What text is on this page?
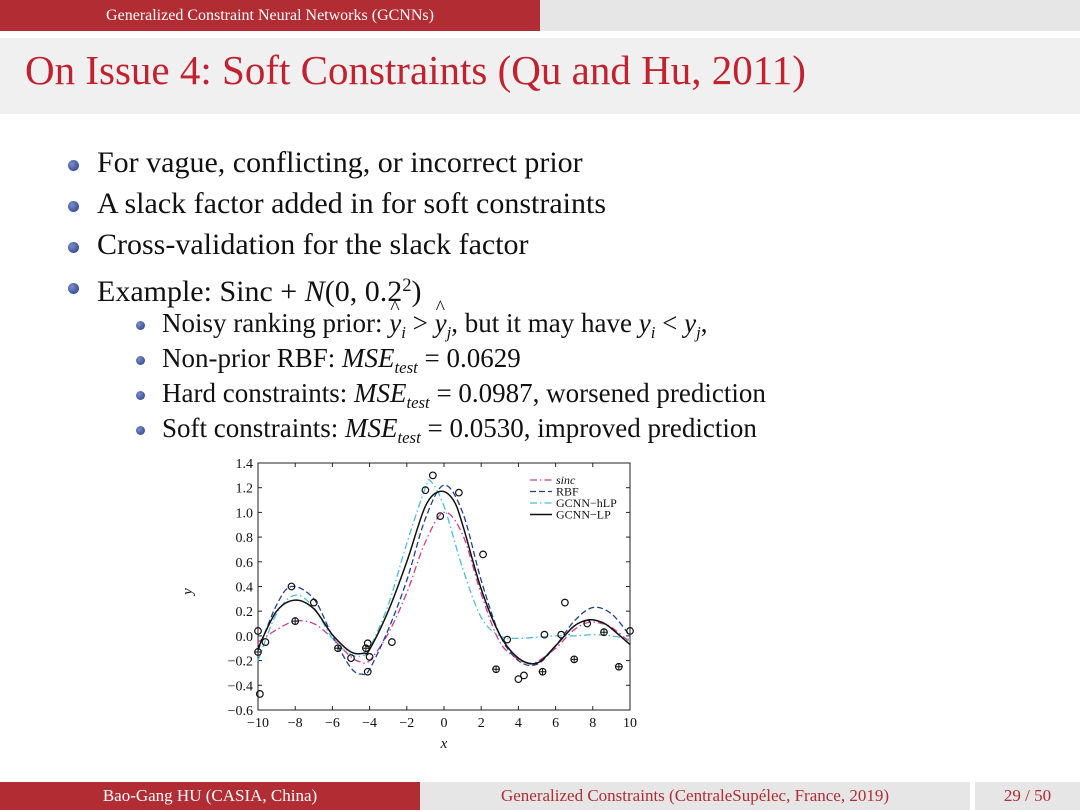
Generalized Constraint Neural Networks (GCNNs)
On Issue 4: Soft Constraints (Qu and Hu, 2011)
For vague, conflicting, or incorrect prior
A slack factor added in for soft constraints
Cross-validation for the slack factor
Example: Sinc + N(0, $0.2^2$)
Noisy ranking prior: ^ $y_i$ > ^ $y_j$, but it may have $y_i < y_j$,
Non-prior RBF: $MSE_{test} = 0.0629$
Hard constraints: $MSE_{test} = 0.0987$, worsened prediction
Soft constraints: $MSE_{test} = 0.0530$, improved prediction
−10 −8 −6 −4 −2 0 2 4 6 8 10
−0.6
−0.4
−0.2
0.0
0.2
0.4
0.6
0.8
1.0
1.2
1.4
x
y
sinc
RBF
GCNN−hLP
GCNN−LP
Bao-Gang HU (CASIA, China)	Generalized Constraints (CentraleSupélec, France, 2019)	29 / 50
